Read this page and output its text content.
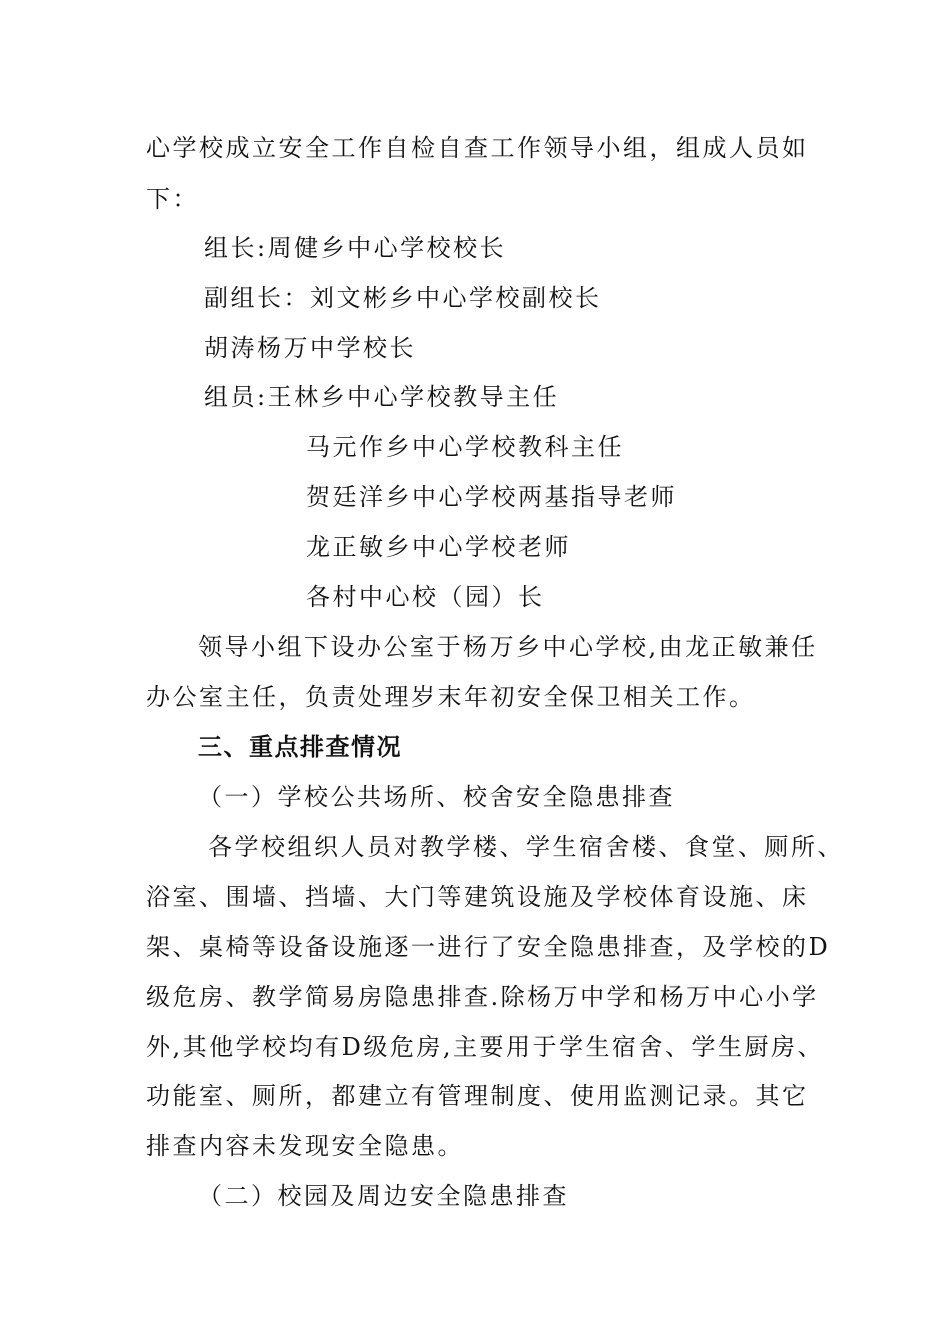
心学校成立安全工作自检自查工作领导小组，组成人员如
下：
组长:周健乡中心学校校长
副组长：刘文彬乡中心学校副校长
胡涛杨万中学校长
组员:王林乡中心学校教导主任
马元作乡中心学校教科主任
贺廷洋乡中心学校两基指导老师
龙正敏乡中心学校老师
各村中心校（园）长
领导小组下设办公室于杨万乡中心学校,由龙正敏兼任
办公室主任，负责处理岁末年初安全保卫相关工作。
三、重点排查情况
（一）学校公共场所、校舍安全隐患排查
各学校组织人员对教学楼、学生宿舍楼、食堂、厕所、
浴室、围墙、挡墙、大门等建筑设施及学校体育设施、床
架、桌椅等设备设施逐一进行了安全隐患排查，及学校的D
级危房、教学简易房隐患排查.除杨万中学和杨万中心小学
外,其他学校均有D级危房,主要用于学生宿舍、学生厨房、
功能室、厕所，都建立有管理制度、使用监测记录。其它
排查内容未发现安全隐患。
（二）校园及周边安全隐患排查
